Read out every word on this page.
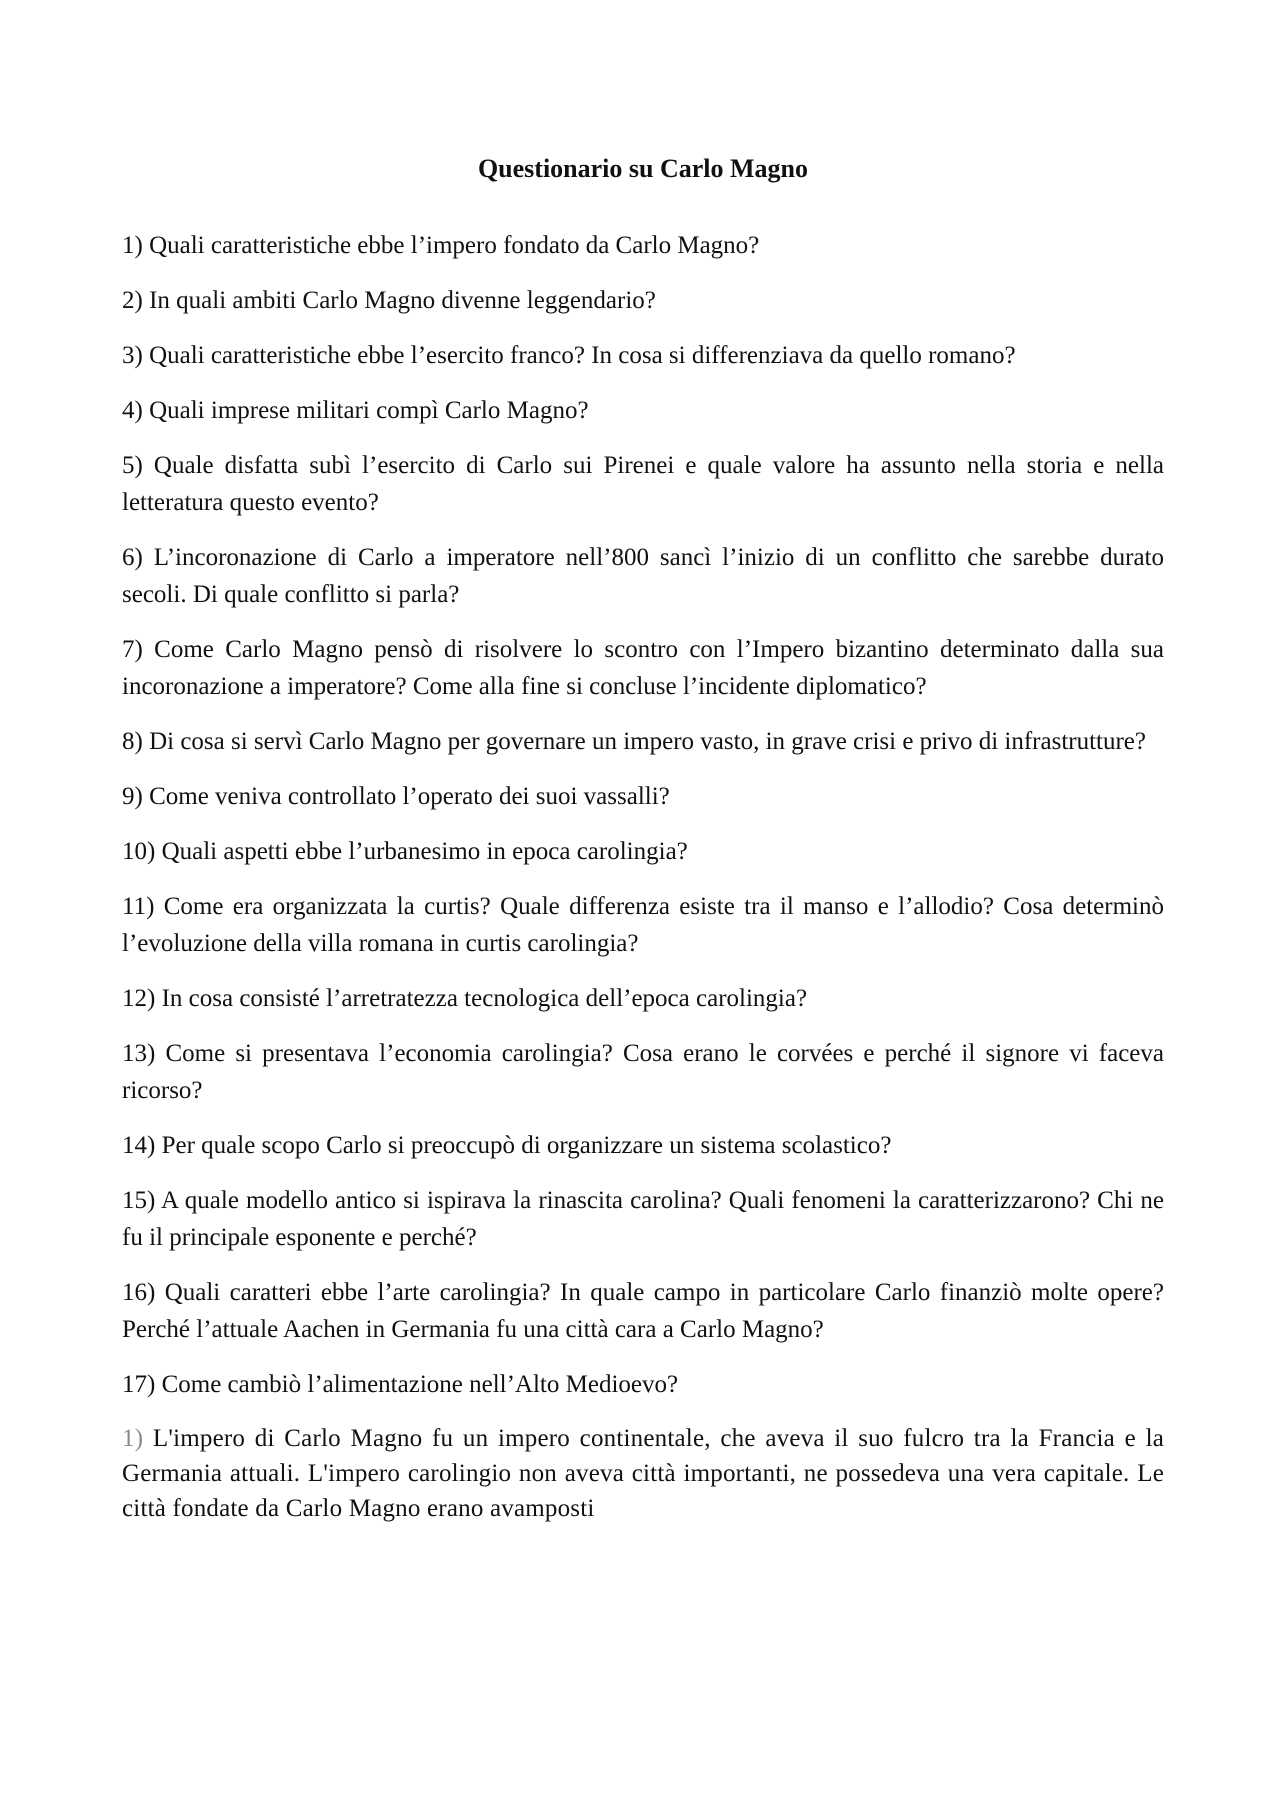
Questionario su Carlo Magno
1) Quali caratteristiche ebbe l’impero fondato da Carlo Magno?
2) In quali ambiti Carlo Magno divenne leggendario?
3) Quali caratteristiche ebbe l’esercito franco? In cosa si differenziava da quello romano?
4) Quali imprese militari compì Carlo Magno?
5) Quale disfatta subì l’esercito di Carlo sui Pirenei e quale valore ha assunto nella storia e nella letteratura questo evento?
6) L’incoronazione di Carlo a imperatore nell’800 sancì l’inizio di un conflitto che sarebbe durato secoli. Di quale conflitto si parla?
7) Come Carlo Magno pensò di risolvere lo scontro con l’Impero bizantino determinato dalla sua incoronazione a imperatore? Come alla fine si concluse l’incidente diplomatico?
8) Di cosa si servì Carlo Magno per governare un impero vasto, in grave crisi e privo di infrastrutture?
9) Come veniva controllato l’operato dei suoi vassalli?
10) Quali aspetti ebbe l’urbanesimo in epoca carolingia?
11) Come era organizzata la curtis? Quale differenza esiste tra il manso e l’allodio? Cosa determinò l’evoluzione della villa romana in curtis carolingia?
12) In cosa consisté l’arretratezza tecnologica dell’epoca carolingia?
13) Come si presentava l’economia carolingia? Cosa erano le corvées e perché il signore vi faceva ricorso?
14) Per quale scopo Carlo si preoccupò di organizzare un sistema scolastico?
15) A quale modello antico si ispirava la rinascita carolina? Quali fenomeni la caratterizzarono? Chi ne fu il principale esponente e perché?
16) Quali caratteri ebbe l’arte carolingia? In quale campo in particolare Carlo finanziò molte opere? Perché l’attuale Aachen in Germania fu una città cara a Carlo Magno?
17) Come cambiò l’alimentazione nell’Alto Medioevo?
1) L'impero di Carlo Magno fu un impero continentale, che aveva il suo fulcro tra la Francia e la Germania attuali. L'impero carolingio non aveva città importanti, ne possedeva una vera capitale. Le città fondate da Carlo Magno erano avamposti
